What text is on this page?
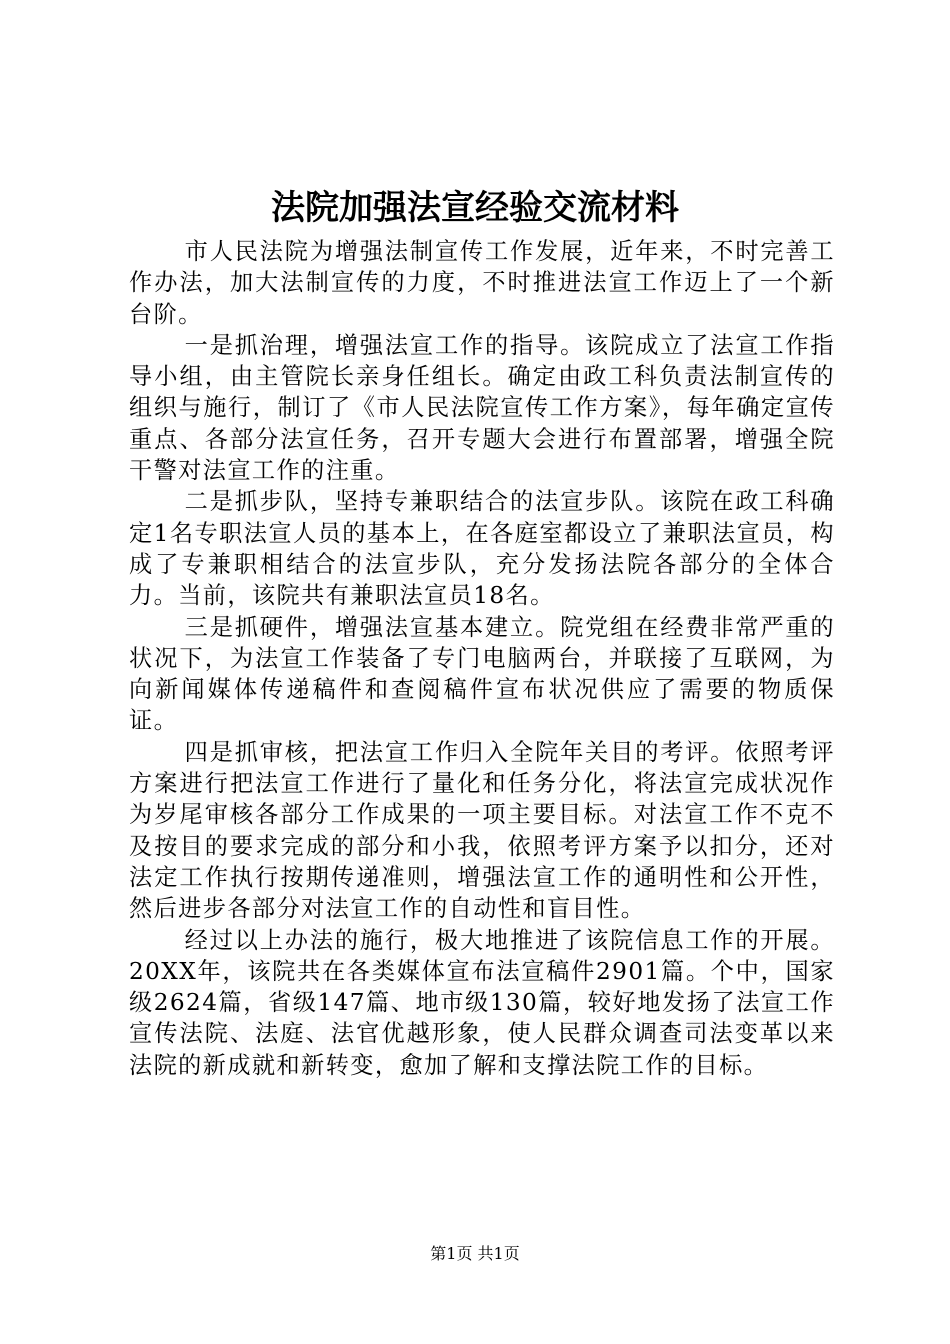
法院加强法宣经验交流材料

市人民法院为增强法制宣传工作发展，近年来，不时完善工作办法，加大法制宣传的力度，不时推进法宣工作迈上了一个新台阶。

一是抓治理，增强法宣工作的指导。该院成立了法宣工作指导小组，由主管院长亲身任组长。确定由政工科负责法制宣传的组织与施行，制订了《市人民法院宣传工作方案》，每年确定宣传重点、各部分法宣任务，召开专题大会进行布置部署，增强全院干警对法宣工作的注重。

二是抓步队，坚持专兼职结合的法宣步队。该院在政工科确定1名专职法宣人员的基本上，在各庭室都设立了兼职法宣员，构成了专兼职相结合的法宣步队，充分发扬法院各部分的全体合力。当前，该院共有兼职法宣员18名。

三是抓硬件，增强法宣基本建立。院党组在经费非常严重的状况下，为法宣工作装备了专门电脑两台，并联接了互联网，为向新闻媒体传递稿件和查阅稿件宣布状况供应了需要的物质保证。

四是抓审核，把法宣工作归入全院年关目的考评。依照考评方案进行把法宣工作进行了量化和任务分化，将法宣完成状况作为岁尾审核各部分工作成果的一项主要目标。对法宣工作不克不及按目的要求完成的部分和小我，依照考评方案予以扣分，还对法定工作执行按期传递准则，增强法宣工作的通明性和公开性，然后进步各部分对法宣工作的自动性和盲目性。

经过以上办法的施行，极大地推进了该院信息工作的开展。20XX年，该院共在各类媒体宣布法宣稿件2901篇。个中，国家级2624篇，省级147篇、地市级130篇，较好地发扬了法宣工作宣传法院、法庭、法官优越形象，使人民群众调查司法变革以来法院的新成就和新转变，愈加了解和支撑法院工作的目标。

第1页 共1页
